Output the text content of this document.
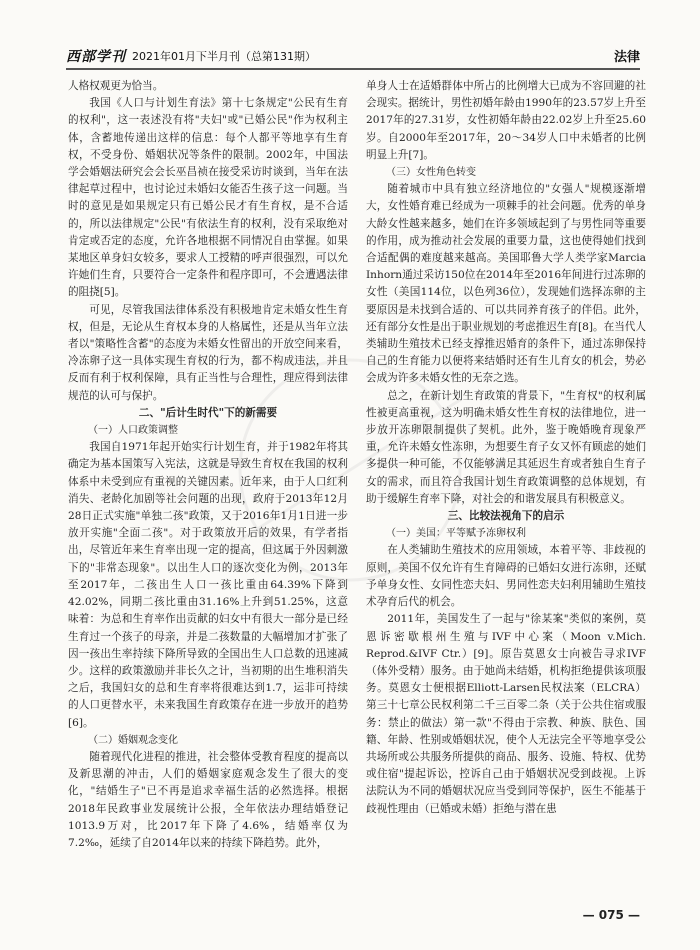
西部学刊 2021年01月下半月刊（总第131期）	法律

人格权观更为恰当。

我国《人口与计划生育法》第十七条规定"公民有生育的权利"，这一表述没有将"夫妇"或"已婚公民"作为权利主体，含蓄地传递出这样的信息：每个人都平等地享有生育权，不受身份、婚姻状况等条件的限制。2002年，中国法学会婚姻法研究会会长巫昌祯在接受采访时谈到，当年在法律起草过程中，也讨论过未婚妇女能否生孩子这一问题。当时的意见是如果规定只有已婚公民才有生育权，是不合适的，所以法律规定"公民"有依法生育的权利，没有采取绝对肯定或否定的态度，允许各地根据不同情况自由掌握。如果某地区单身妇女较多，要求人工授精的呼声很强烈，可以允许她们生育，只要符合一定条件和程序即可，不会遭遇法律的阻挠[5]。

可见，尽管我国法律体系没有积极地肯定未婚女性生育权，但是，无论从生育权本身的人格属性，还是从当年立法者以"策略性含蓄"的态度为未婚女性留出的开放空间来看，冷冻卵子这一具体实现生育权的行为，都不构成违法，并且反而有利于权利保障，具有正当性与合理性，理应得到法律规范的认可与保护。

二、"后计生时代"下的新需要

（一）人口政策调整

我国自1971年起开始实行计划生育，并于1982年将其确定为基本国策写入宪法，这就是导致生育权在我国的权利体系中未受到应有重视的关键因素。近年来，由于人口红利消失、老龄化加剧等社会问题的出现，政府于2013年12月28日正式实施"单独二孩"政策，又于2016年1月1日进一步放开实施"全面二孩"。对于政策放开后的效果，有学者指出，尽管近年来生育率出现一定的提高，但这属于外因刺激下的"非常态现象"。以出生人口的逐次变化为例，2013年至2017年，二孩出生人口一孩比重由64.39%下降到42.02%，同期二孩比重由31.16%上升到51.25%，这意味着：为总和生育率作出贡献的妇女中有很大一部分是已经生育过一个孩子的母亲，并是二孩数量的大幅增加才扩张了因一孩出生率持续下降所导致的全国出生人口总数的迅速减少。这样的政策激励并非长久之计，当初期的出生堆积消失之后，我国妇女的总和生育率将很难达到1.7，运非可持续的人口更替水平，未来我国生育政策存在进一步放开的趋势[6]。

（二）婚姻观念变化

随着现代化进程的推进，社会整体受教育程度的提高以及新思潮的冲击，人们的婚姻家庭观念发生了很大的变化，"结婚生子"已不再是追求幸福生活的必然选择。根据2018年民政事业发展统计公报，全年依法办理结婚登记1013.9万对，比2017年下降了4.6%，结婚率仅为7.2‰，延续了自2014年以来的持续下降趋势。此外，

单身人士在适婚群体中所占的比例增大已成为不容回避的社会现实。据统计，男性初婚年龄由1990年的23.57岁上升至2017年的27.31岁，女性初婚年龄由22.02岁上升至25.60岁。自2000年至2017年，20～34岁人口中未婚者的比例明显上升[7]。

（三）女性角色转变

随着城市中具有独立经济地位的"女强人"规模逐渐增大，女性婚育难已经成为一项棘手的社会问题。优秀的单身大龄女性越来越多，她们在许多领域起到了与男性同等重要的作用，成为推动社会发展的重要力量，这也使得她们找到合适配偶的难度越来越高。美国耶鲁大学人类学家Marcia Inhorn通过采访150位在2014年至2016年间进行过冻卵的女性（美国114位，以色列36位），发现她们选择冻卵的主要原因是未找到合适的、可以共同养育孩子的伴侣。此外，还有部分女性是出于职业规划的考虑推迟生育[8]。在当代人类辅助生殖技术已经支撑推迟婚育的条件下，通过冻卵保持自己的生育能力以便将来结婚时还有生儿育女的机会，势必会成为许多未婚女性的无奈之选。

总之，在新计划生育政策的背景下，"生育权"的权利属性被更高重视，这为明确未婚女性生育权的法律地位，进一步放开冻卵限制提供了契机。此外，鉴于晚婚晚育现象严重，允许未婚女性冻卵，为想要生育子女又怀有顾虑的她们多提供一种可能，不仅能够满足其延迟生育或者独自生育子女的需求，而且符合我国计划生育政策调整的总体规划，有助于缓解生育率下降，对社会的和谐发展具有积极意义。

三、比较法视角下的启示

（一）美国：平等赋予冻卵权利

在人类辅助生殖技术的应用领域，本着平等、非歧视的原则，美国不仅允许有生育障碍的已婚妇女进行冻卵，还赋予单身女性、女同性恋夫妇、男同性恋夫妇利用辅助生殖技术孕育后代的机会。

2011年，美国发生了一起与"徐某案"类似的案例，莫恩诉密歇根州生殖与IVF中心案（Moon v.Mich. Reprod.&IVF Ctr.）[9]。原告莫恩女士向被告寻求IVF（体外受精）服务。由于她尚未结婚，机构拒绝提供该项服务。莫恩女士便根据Elliott-Larsen民权法案（ELCRA）第三十七章公民权利第二千三百零二条（关于公共住宿或服务：禁止的做法）第一款"不得由于宗教、种族、肤色、国籍、年龄、性别或婚姻状况，使个人无法完全平等地享受公共场所或公共服务所提供的商品、服务、设施、特权、优势或住宿"提起诉讼，控诉自己由于婚姻状况受到歧视。上诉法院认为不同的婚姻状况应当受到同等保护，医生不能基于歧视性理由（已婚或未婚）拒绝与潜在患

— 075 —
